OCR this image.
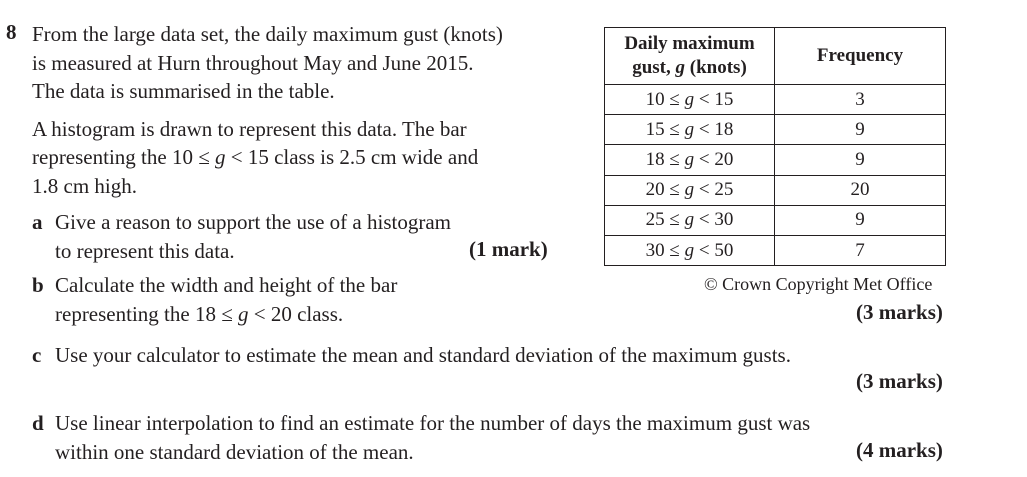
8 From the large data set, the daily maximum gust (knots)
is measured at Hurn throughout May and June 2015.
The data is summarised in the table.

A histogram is drawn to represent this data. The bar
representing the 10 ≤ g < 15 class is 2.5 cm wide and
1.8 cm high.

a Give a reason to support the use of a histogram
to represent this data.	(1 mark)
b Calculate the width and height of the bar
representing the 18 ≤ g < 20 class.	(3 marks)
c Use your calculator to estimate the mean and standard deviation of the maximum gusts.
(3 marks)
d Use linear interpolation to find an estimate for the number of days the maximum gust was
within one standard deviation of the mean.	(4 marks)
Daily maximum
gust, g (knots)	Frequency
10 ≤ g < 15	3
15 ≤ g < 18	9
18 ≤ g < 20	9
20 ≤ g < 25	20
25 ≤ g < 30	9
30 ≤ g < 50	7
© Crown Copyright Met Office
